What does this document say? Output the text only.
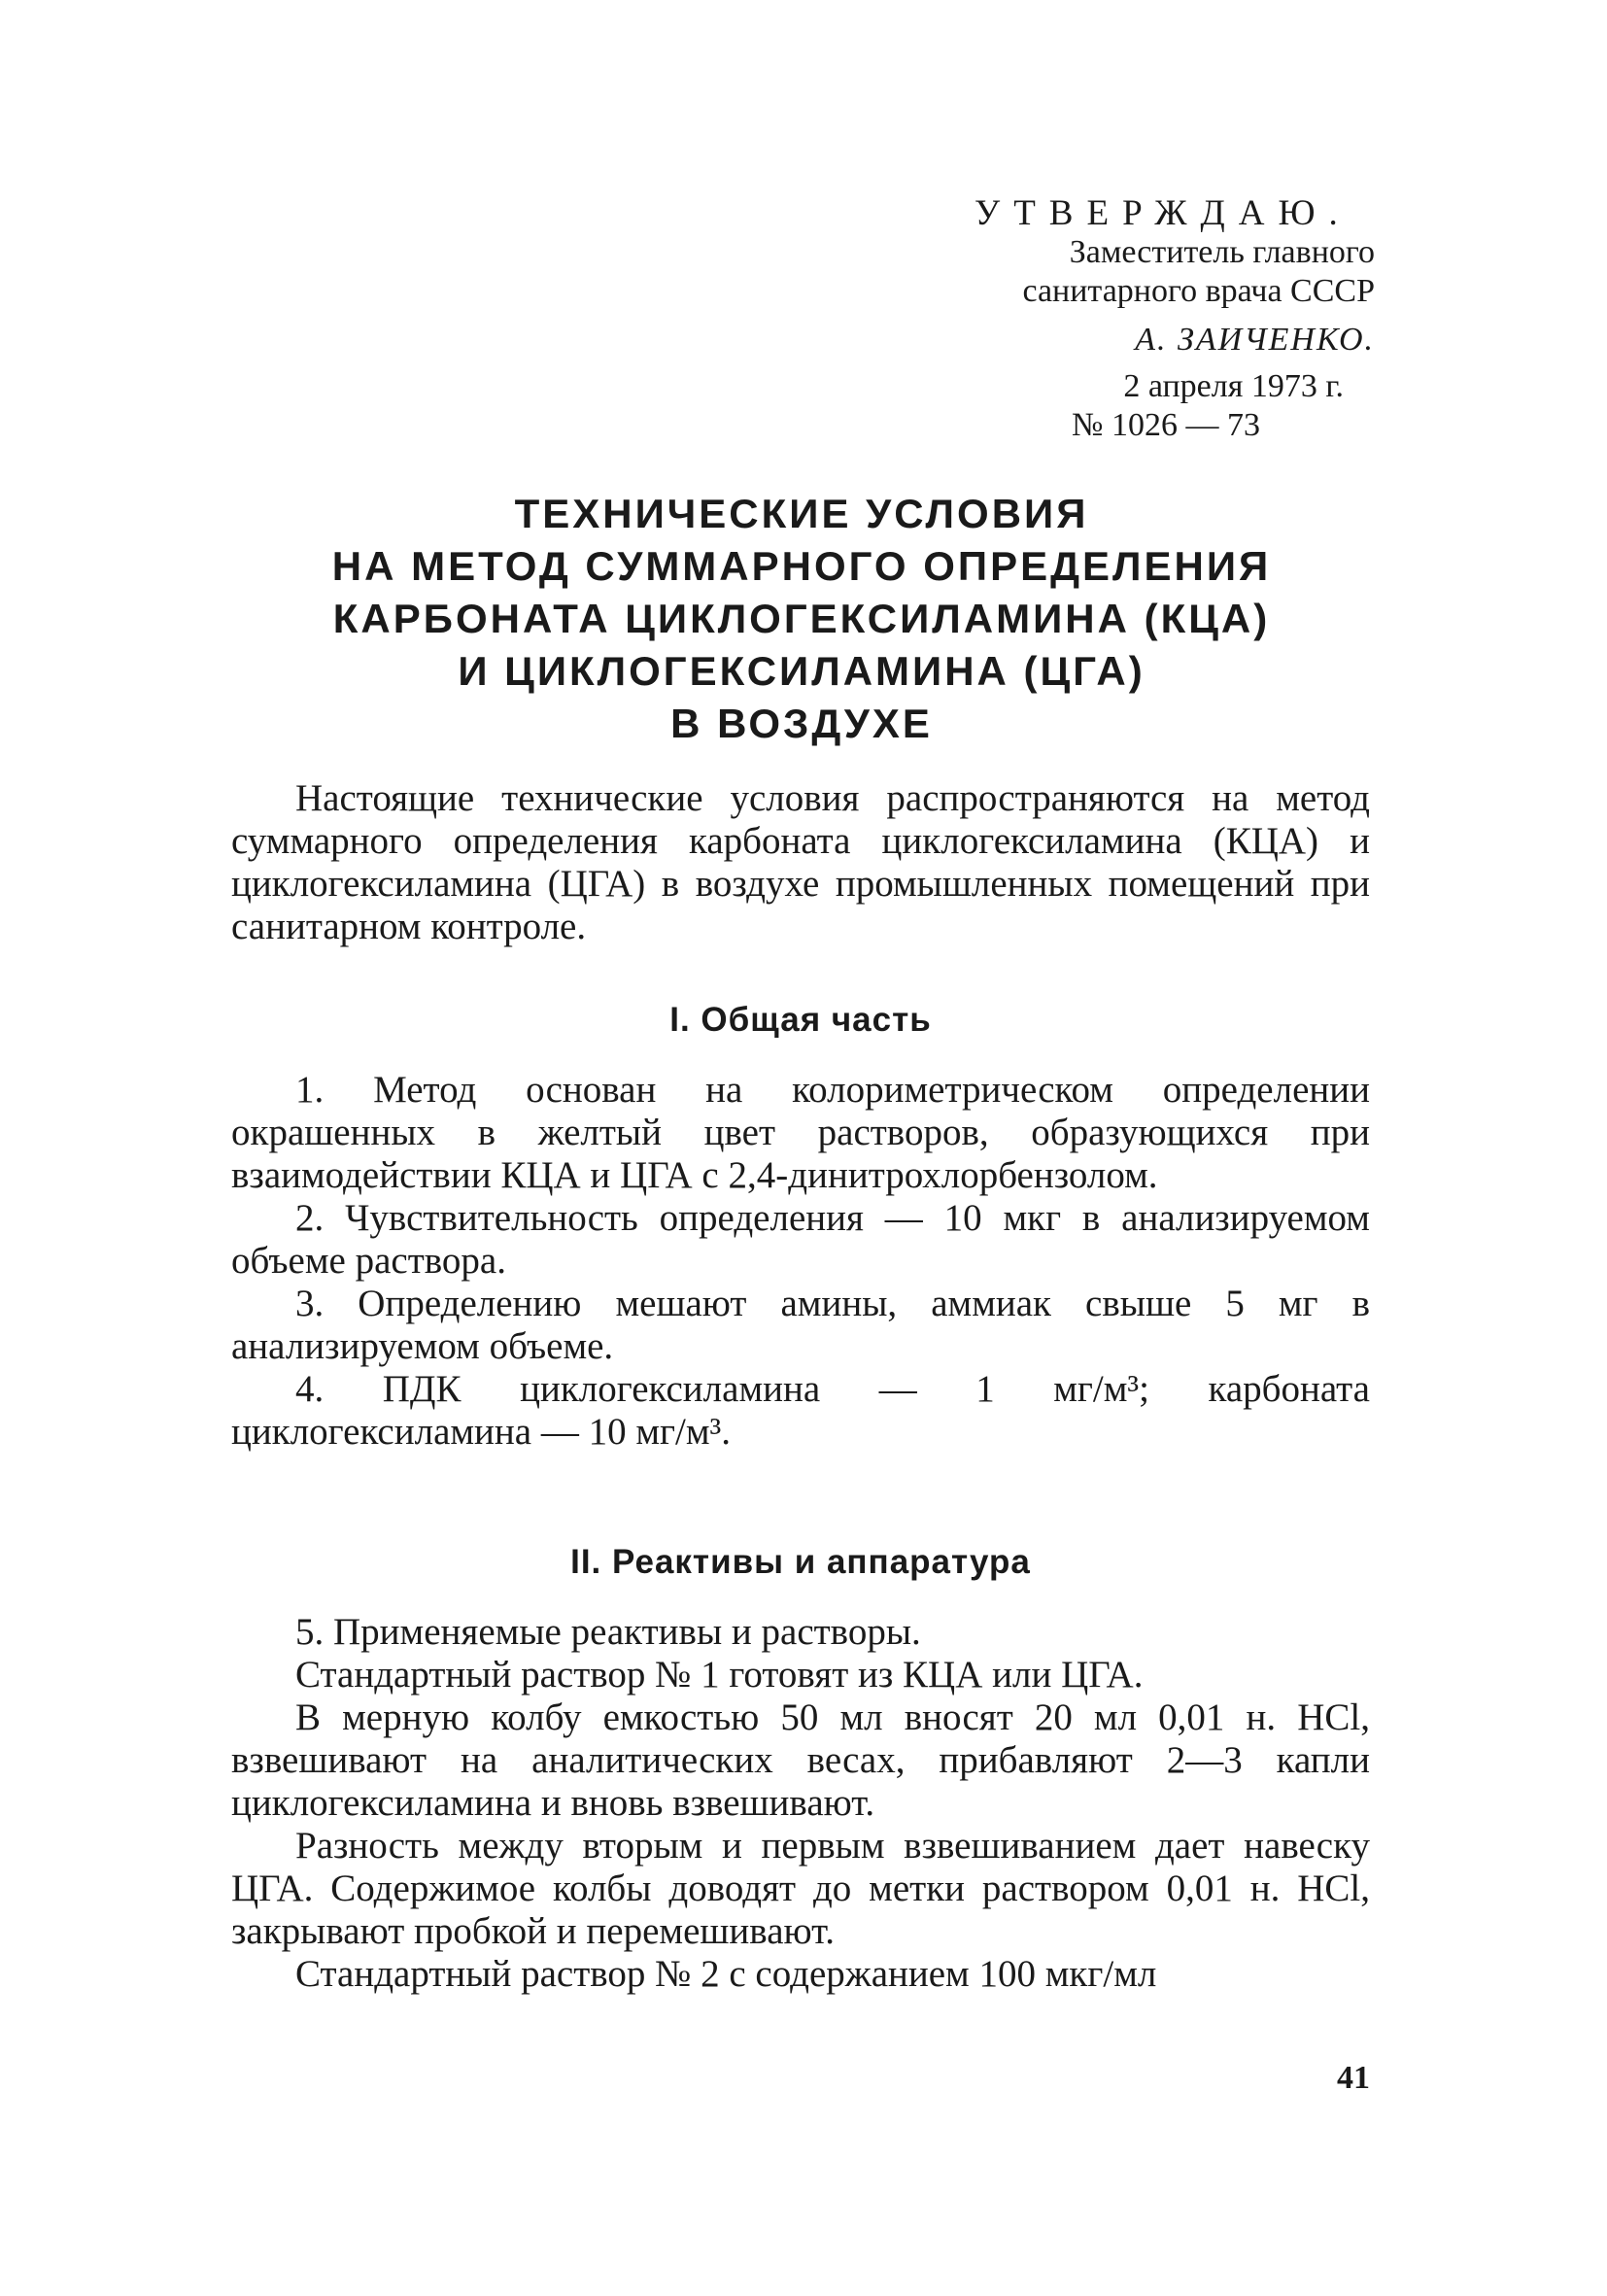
УТВЕРЖДАЮ.
Заместитель главного
санитарного врача СССР
А. ЗАИЧЕНКО.
2 апреля 1973 г.
№ 1026 — 73
ТЕХНИЧЕСКИЕ УСЛОВИЯ
НА МЕТОД СУММАРНОГО ОПРЕДЕЛЕНИЯ
КАРБОНАТА ЦИКЛОГЕКСИЛАМИНА (КЦА)
И ЦИКЛОГЕКСИЛАМИНА (ЦГА)
В ВОЗДУХЕ

Настоящие технические условия распространяются на метод суммарного определения карбоната циклогексиламина (КЦА) и циклогексиламина (ЦГА) в воздухе промышленных помещений при санитарном контроле.

I. Общая часть

1. Метод основан на колориметрическом определении окрашенных в желтый цвет растворов, образующихся при взаимодействии КЦА и ЦГА с 2,4-динитрохлорбензолом.

2. Чувствительность определения — 10 мкг в анализируемом объеме раствора.

3. Определению мешают амины, аммиак свыше 5 мг в анализируемом объеме.

4. ПДК циклогексиламина — 1 мг/м³; карбоната циклогексиламина — 10 мг/м³.

II. Реактивы и аппаратура

5. Применяемые реактивы и растворы.

Стандартный раствор № 1 готовят из КЦА или ЦГА.

В мерную колбу емкостью 50 мл вносят 20 мл 0,01 н. HCl, взвешивают на аналитических весах, прибавляют 2—3 капли циклогексиламина и вновь взвешивают.

Разность между вторым и первым взвешиванием дает навеску ЦГА. Содержимое колбы доводят до метки раствором 0,01 н. HCl, закрывают пробкой и перемешивают.

Стандартный раствор № 2 с содержанием 100 мкг/мл

41
